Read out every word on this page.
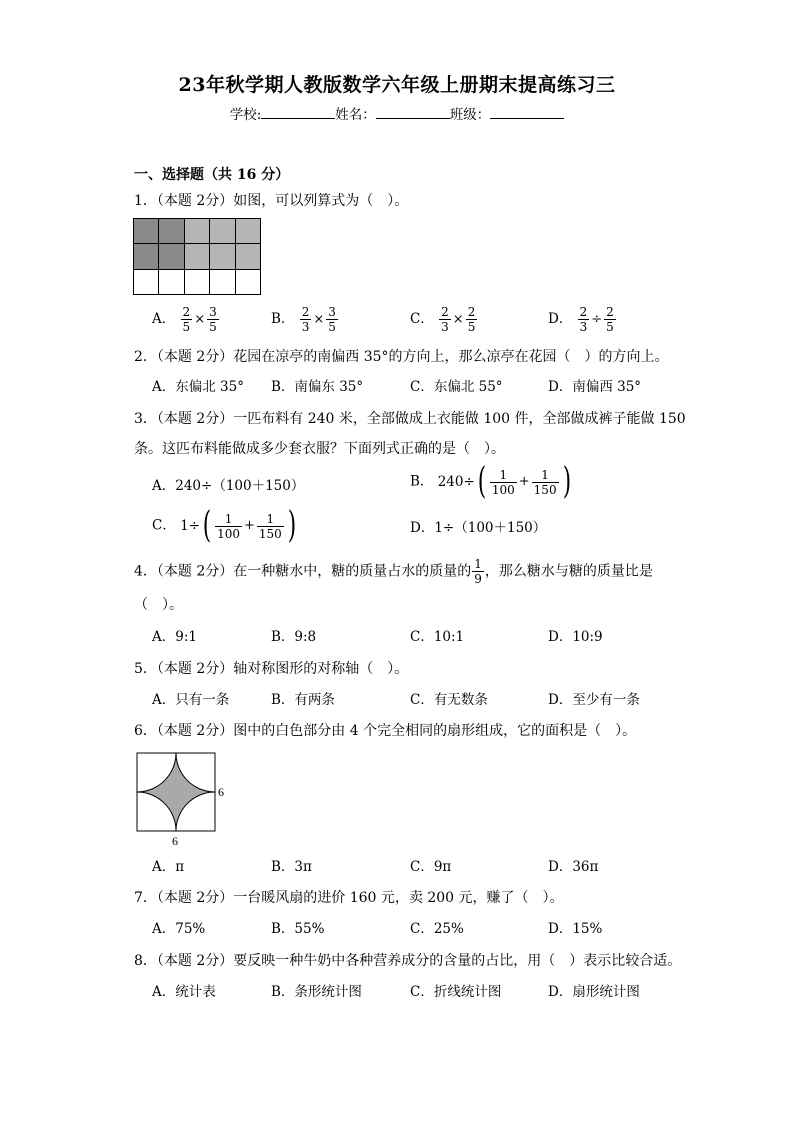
23年秋学期人教版数学六年级上册期末提高练习三
学校:	姓名：	班级：
一、选择题（共 16 分）
1．（本题 2分）如图，可以列算式为（　）。

A． $\frac{2}{5} \times \frac{3}{5}$	B． $\frac{2}{3} \times \frac{3}{5}$	C． $\frac{2}{3} \times \frac{2}{5}$	D． $\frac{2}{3} \div \frac{2}{5}$
2．（本题 2分）花园在凉亭的南偏西 35°的方向上，那么凉亭在花园（　）的方向上。
A．东偏北 35° B．南偏东 35°	C．东偏北 55°	D．南偏西 35°
3．（本题 2分）一匹布料有 240 米，全部做成上衣能做 100 件，全部做成裤子能做 150
条。这匹布料能做成多少套衣服？下面列式正确的是（　）。
A．240÷（100＋150）	B． $240\div( \frac{1}{100} + \frac{1}{150}$ )
C． $1\div( \frac{1}{100} + \frac{1}{150}$ )	D．1÷（100＋150）
4．（本题 2分）在一种糖水中，糖的质量占水的质量的 $\frac{1}{9}$ ，那么糖水与糖的质量比是
（　）。
A．9:1	B．9:8	C．10:1	D．10:9
5．（本题 2分）轴对称图形的对称轴（　）。
A．只有一条	B．有两条	C．有无数条	D．至少有一条
6．（本题 2分）图中的白色部分由 4 个完全相同的扇形组成，它的面积是（　）。
6
6
A．π	B．3π	C．9π	D．36π
7．（本题 2分）一台暖风扇的进价 160 元，卖 200 元，赚了（　）。
A．75%	B．55%	C．25%	D．15%
8．（本题 2分）要反映一种牛奶中各种营养成分的含量的占比，用（　）表示比较合适。
A．统计表	B．条形统计图	C．折线统计图	D．扇形统计图
